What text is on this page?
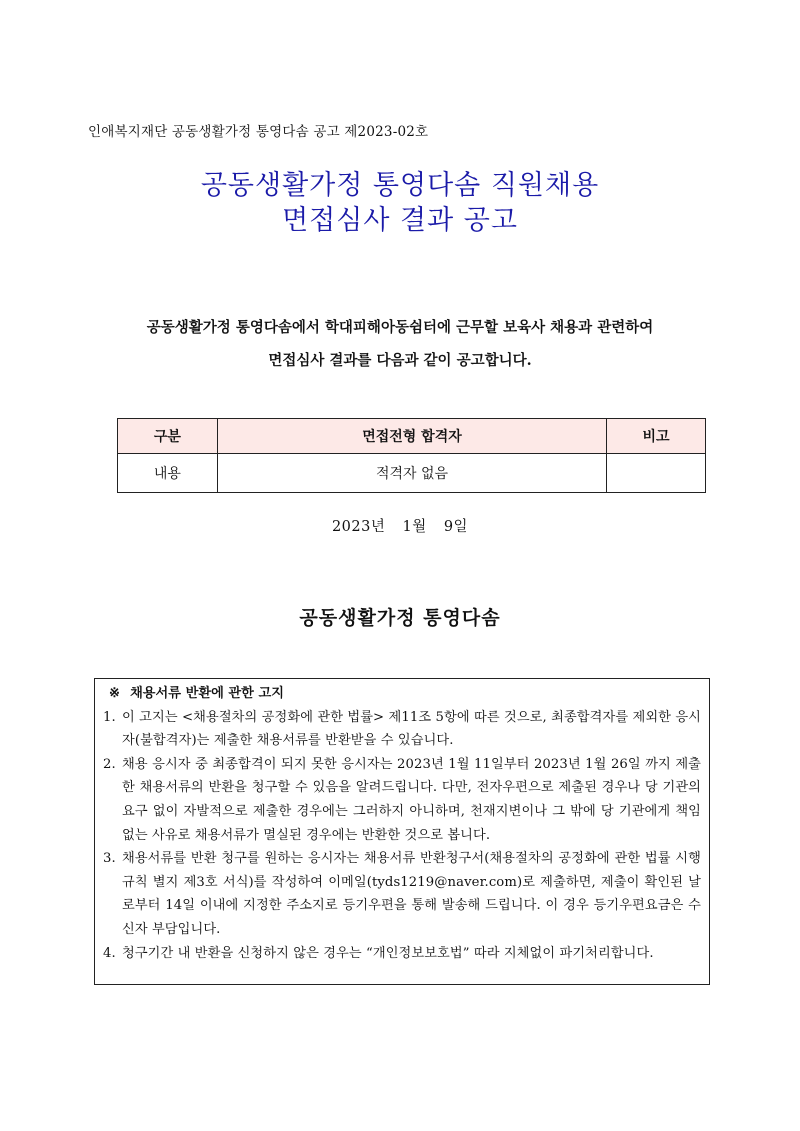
인애복지재단 공동생활가정 통영다솜 공고 제2023-02호
공동생활가정 통영다솜 직원채용
면접심사 결과 공고
공동생활가정 통영다솜에서 학대피해아동쉼터에 근무할 보육사 채용과 관련하여
면접심사 결과를 다음과 같이 공고합니다.
구분	면접전형 합격자	비고
내용	적격자 없음	
2023년 1월 9일
공동생활가정 통영다솜
※ 채용서류 반환에 관한 고지
1. 이 고지는 <채용절차의 공정화에 관한 법률> 제11조 5항에 따른 것으로, 최종합격자를 제외한 응시자(불합격자)는 제출한 채용서류를 반환받을 수 있습니다.
2. 채용 응시자 중 최종합격이 되지 못한 응시자는 2023년 1월 11일부터 2023년 1월 26일 까지 제출한 채용서류의 반환을 청구할 수 있음을 알려드립니다. 다만, 전자우편으로 제출된 경우나 당 기관의 요구 없이 자발적으로 제출한 경우에는 그러하지 아니하며, 천재지변이나 그 밖에 당 기관에게 책임 없는 사유로 채용서류가 멸실된 경우에는 반환한 것으로 봅니다.
3. 채용서류를 반환 청구를 원하는 응시자는 채용서류 반환청구서(채용절차의 공정화에 관한 법률 시행규칙 별지 제3호 서식)를 작성하여 이메일(tyds1219@naver.com)로 제출하면, 제출이 확인된 날로부터 14일 이내에 지정한 주소지로 등기우편을 통해 발송해 드립니다. 이 경우 등기우편요금은 수신자 부담입니다.
4. 청구기간 내 반환을 신청하지 않은 경우는 “개인정보보호법” 따라 지체없이 파기처리합니다.
